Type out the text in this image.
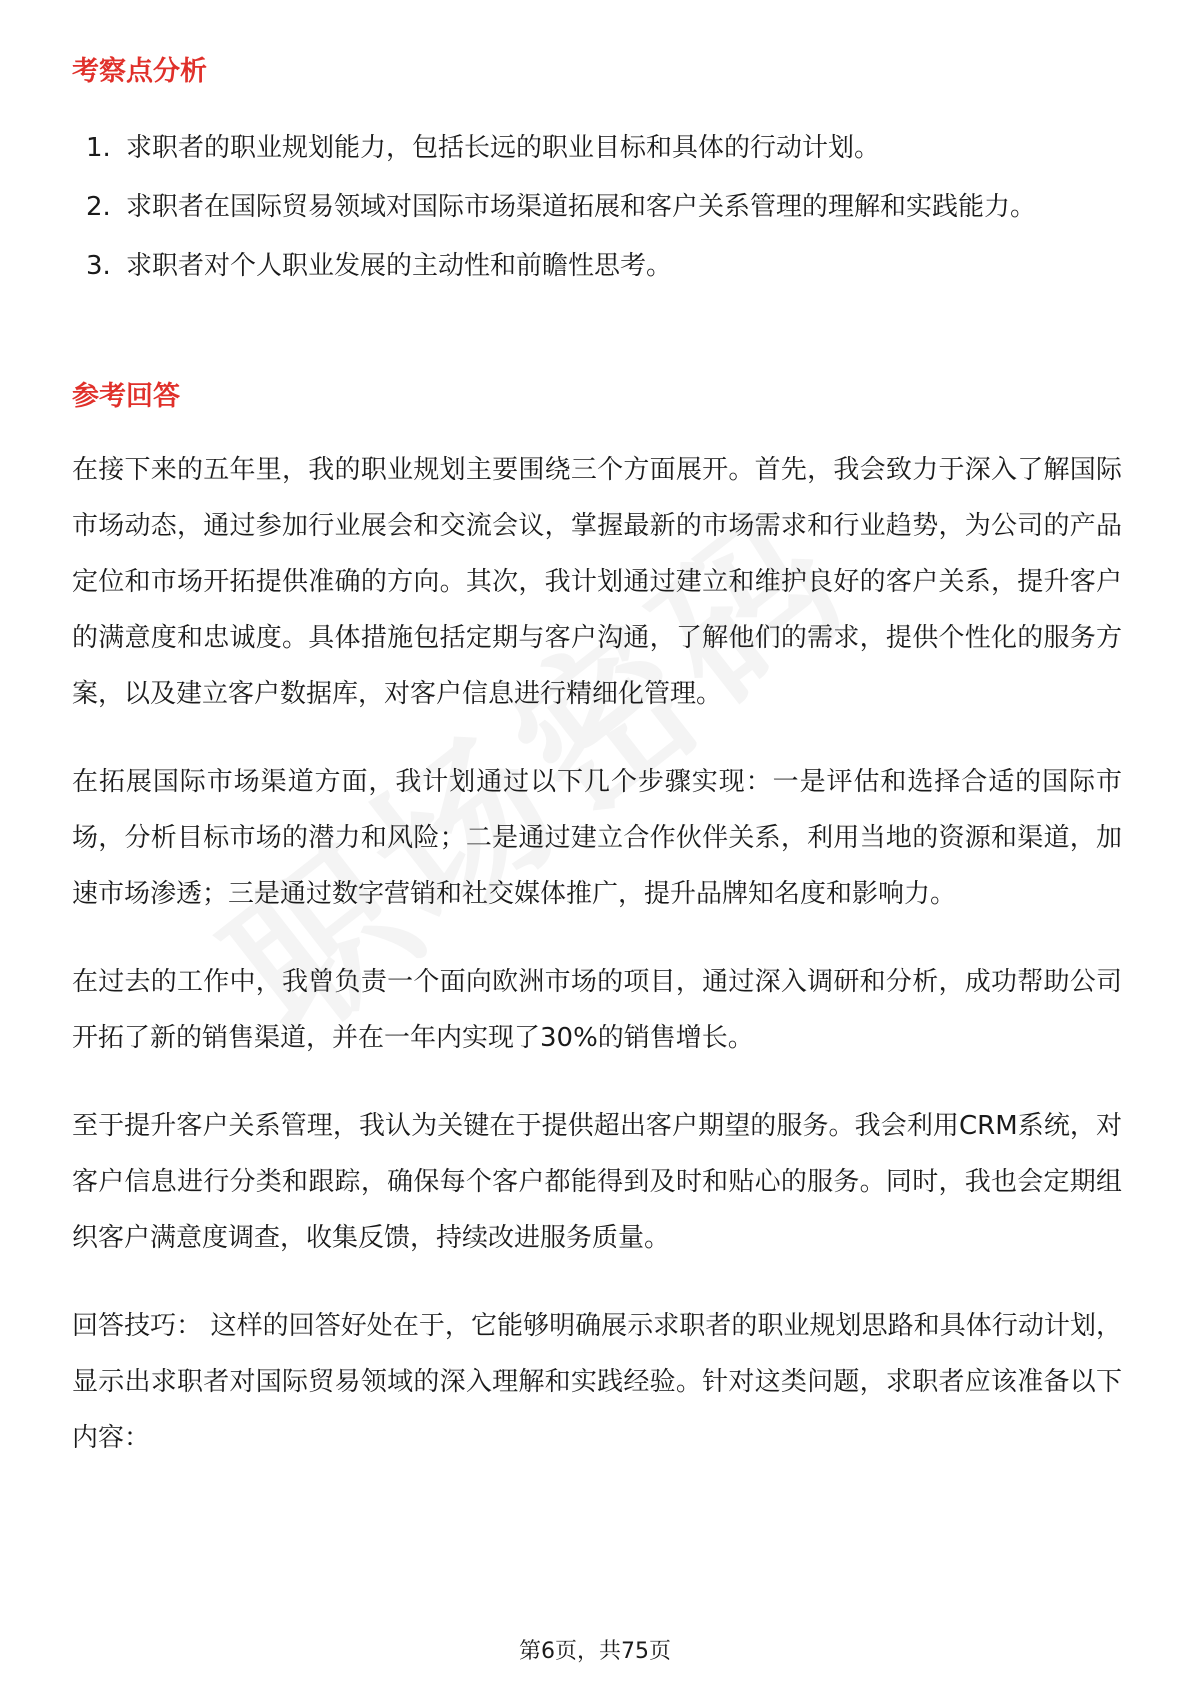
考察点分析
1. 求职者的职业规划能力，包括长远的职业目标和具体的行动计划。
2. 求职者在国际贸易领域对国际市场渠道拓展和客户关系管理的理解和实践能力。
3. 求职者对个人职业发展的主动性和前瞻性思考。
参考回答

在接下来的五年里，我的职业规划主要围绕三个方面展开。首先，我会致力于深入了解国际市场动态，通过参加行业展会和交流会议，掌握最新的市场需求和行业趋势，为公司的产品定位和市场开拓提供准确的方向。其次，我计划通过建立和维护良好的客户关系，提升客户的满意度和忠诚度。具体措施包括定期与客户沟通，了解他们的需求，提供个性化的服务方案，以及建立客户数据库，对客户信息进行精细化管理。

在拓展国际市场渠道方面，我计划通过以下几个步骤实现：一是评估和选择合适的国际市场，分析目标市场的潜力和风险；二是通过建立合作伙伴关系，利用当地的资源和渠道，加速市场渗透；三是通过数字营销和社交媒体推广，提升品牌知名度和影响力。

在过去的工作中，我曾负责一个面向欧洲市场的项目，通过深入调研和分析，成功帮助公司开拓了新的销售渠道，并在一年内实现了30%的销售增长。

至于提升客户关系管理，我认为关键在于提供超出客户期望的服务。我会利用CRM系统，对客户信息进行分类和跟踪，确保每个客户都能得到及时和贴心的服务。同时，我也会定期组织客户满意度调查，收集反馈，持续改进服务质量。

回答技巧： 这样的回答好处在于，它能够明确展示求职者的职业规划思路和具体行动计划，显示出求职者对国际贸易领域的深入理解和实践经验。针对这类问题，求职者应该准备以下内容：

第6页，共75页
